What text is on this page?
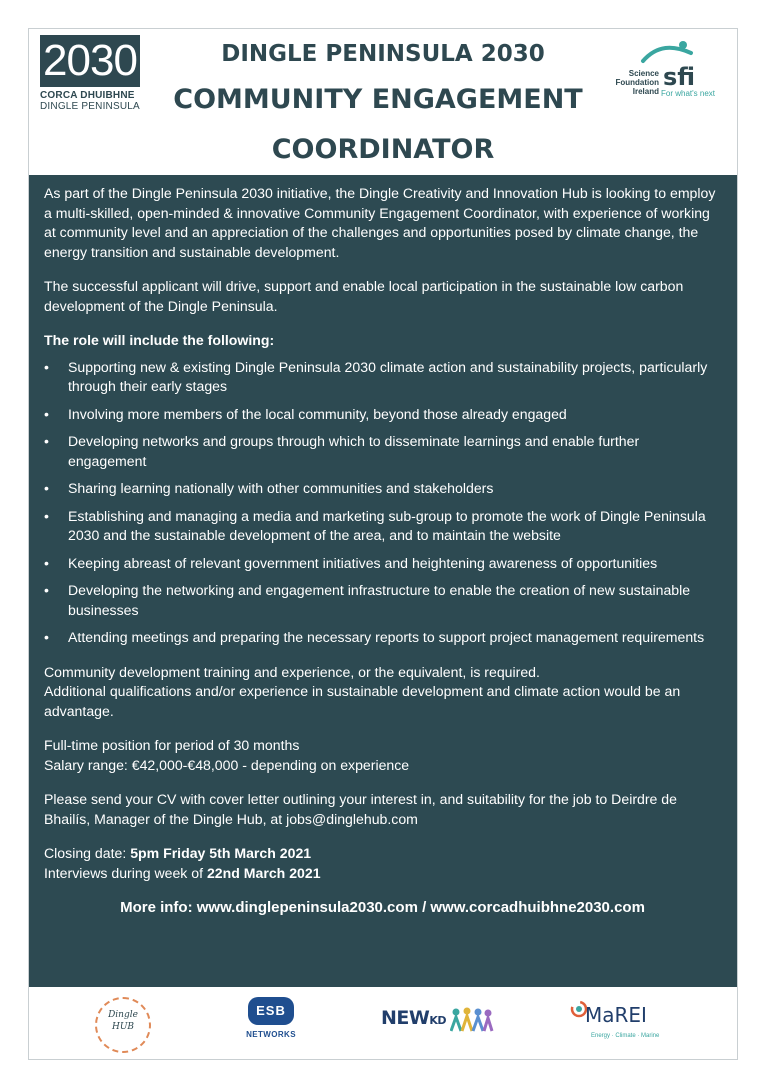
2030
CORCA DHUIBHNE
DINGLE PENINSULA
DINGLE PENINSULA 2030
COMMUNITY ENGAGEMENT
COORDINATOR
Science
Foundation
Ireland
sfi
For what's next

As part of the Dingle Peninsula 2030 initiative, the Dingle Creativity and Innovation Hub is looking to employ a multi-skilled, open-minded & innovative Community Engagement Coordinator, with experience of working at community level and an appreciation of the challenges and opportunities posed by climate change, the energy transition and sustainable development.

The successful applicant will drive, support and enable local participation in the sustainable low carbon development of the Dingle Peninsula.

The role will include the following:
• Supporting new & existing Dingle Peninsula 2030 climate action and sustainability projects, particularly through their early stages
• Involving more members of the local community, beyond those already engaged
• Developing networks and groups through which to disseminate learnings and enable further engagement
• Sharing learning nationally with other communities and stakeholders
• Establishing and managing a media and marketing sub-group to promote the work of Dingle Peninsula 2030 and the sustainable development of the area, and to maintain the website
• Keeping abreast of relevant government initiatives and heightening awareness of opportunities
• Developing the networking and engagement infrastructure to enable the creation of new sustainable businesses
• Attending meetings and preparing the necessary reports to support project management requirements

Community development training and experience, or the equivalent, is required.
Additional qualifications and/or experience in sustainable development and climate action would be an advantage.

Full-time position for period of 30 months
Salary range: €42,000-€48,000 - depending on experience

Please send your CV with cover letter outlining your interest in, and suitability for the job to Deirdre de Bhailís, Manager of the Dingle Hub, at jobs@dinglehub.com

Closing date: 5pm Friday 5th March 2021
Interviews during week of 22nd March 2021

More info: www.dinglepeninsula2030.com / www.corcadhuibhne2030.com
Dingle
HUB
ESB
NETWORKS
NEWKD	MaREI
Energy · Climate · Marine
